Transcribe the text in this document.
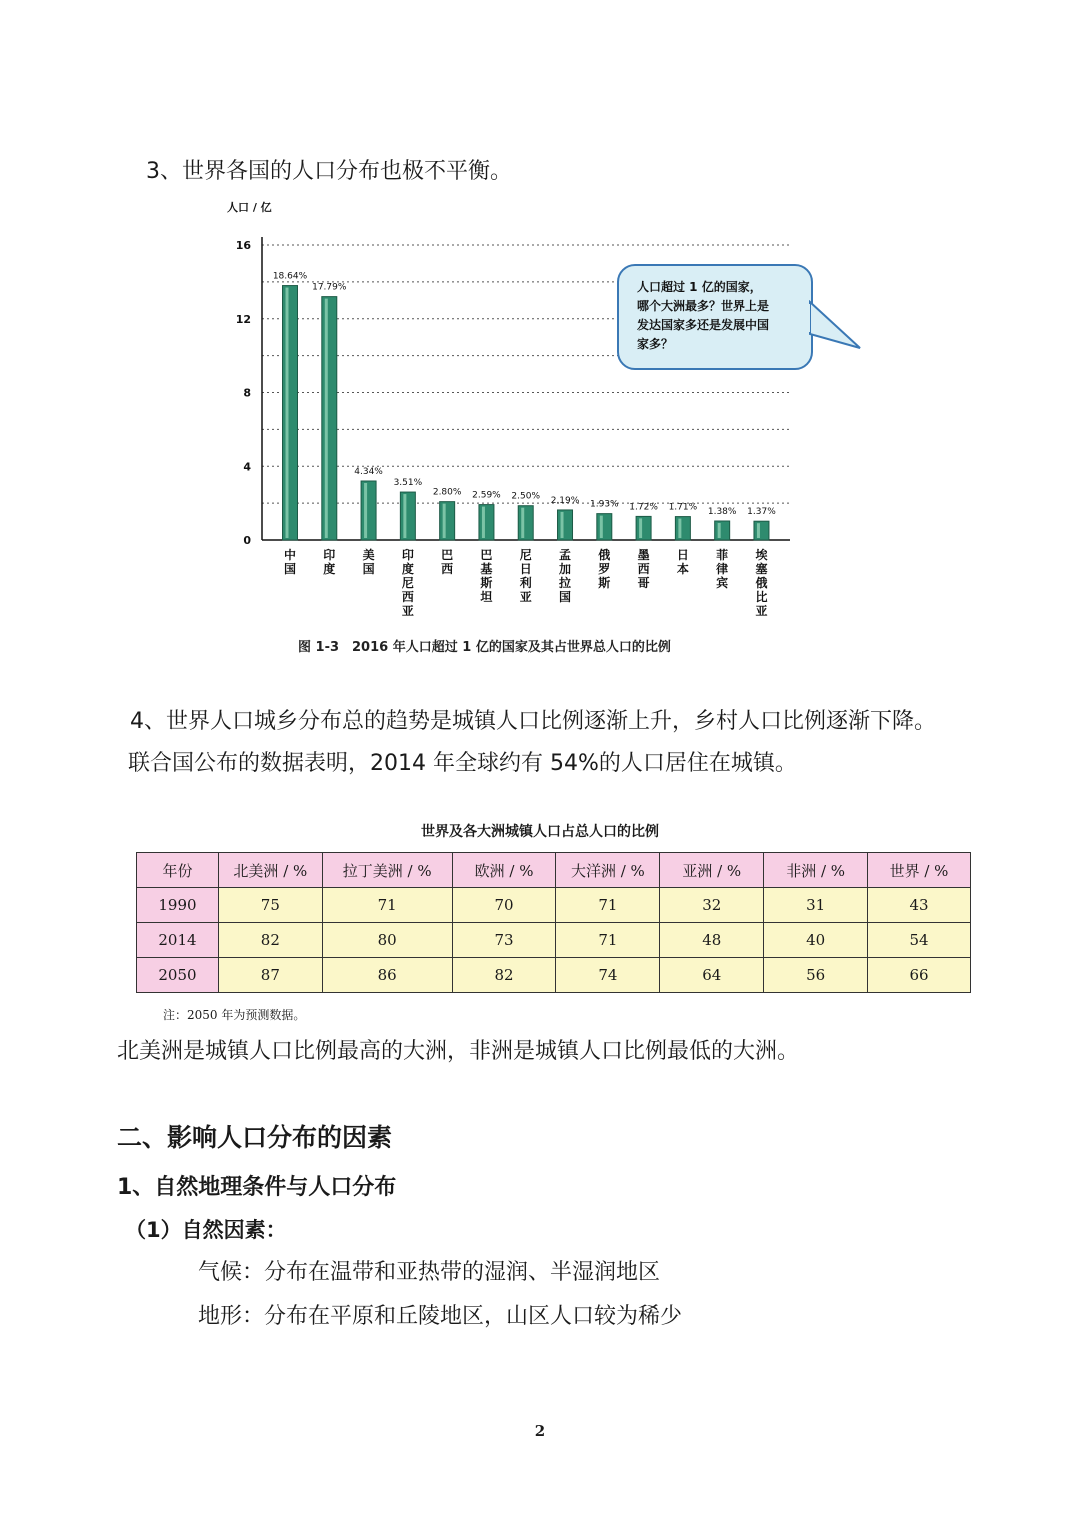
3、世界各国的人口分布也极不平衡。
人口 / 亿
0
4
8
12
16
18.64%
中
国
17.79%
印
度
4.34%
美
国
3.51%
印
度
尼
西
亚
2.80%
巴
西
2.59%
巴
基
斯
坦
2.50%
尼
日
利
亚
2.19%
孟
加
拉
国
1.93%
俄
罗
斯
1.72%
墨
西
哥
1.71%
日
本
1.38%
菲
律
宾
1.37%
埃
塞
俄
比
亚
人口超过 1 亿的国家，
哪个大洲最多？世界上是
发达国家多还是发展中国
家多？
图 1-3　2016 年人口超过 1 亿的国家及其占世界总人口的比例
4、世界人口城乡分布总的趋势是城镇人口比例逐渐上升，乡村人口比例逐渐下降。
联合国公布的数据表明，2014 年全球约有 54%的人口居住在城镇。
世界及各大洲城镇人口占总人口的比例
年份	北美洲 / %	拉丁美洲 / %	欧洲 / %	大洋洲 / %	亚洲 / %	非洲 / %	世界 / %
1990	75	71	70	71	32	31	43
2014	82	80	73	71	48	40	54
2050	87	86	82	74	64	56	66
注：2050 年为预测数据。
北美洲是城镇人口比例最高的大洲，非洲是城镇人口比例最低的大洲。
二、影响人口分布的因素
1、自然地理条件与人口分布
（1）自然因素：
气候：分布在温带和亚热带的湿润、半湿润地区
地形：分布在平原和丘陵地区，山区人口较为稀少
2
